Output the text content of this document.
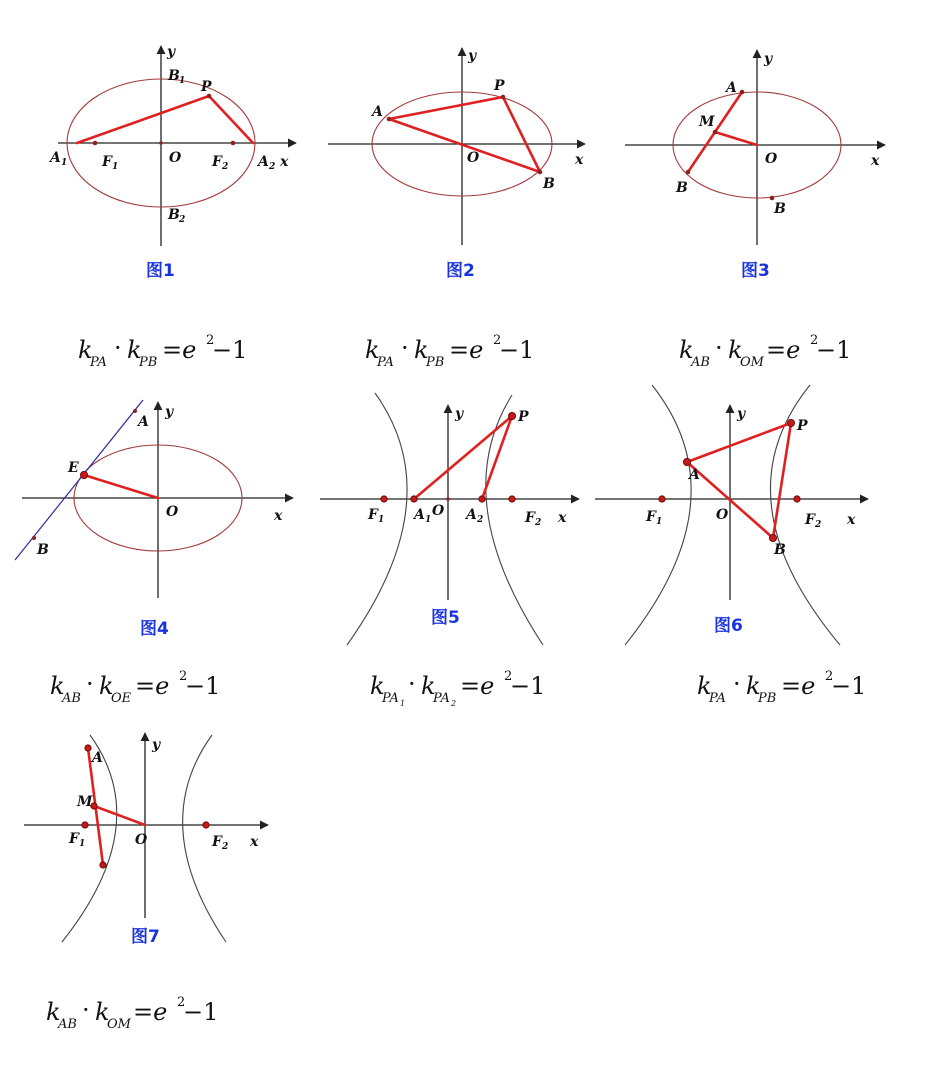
y
B 1 P
A 1 F 1
O F 2 A 2 x
B 2
图1
y
A
P
O
B
x
图2
y
A
M
O	x
B
B
图3
k
PA
· k
PB =e 2
−1	k
PA
· k
PB =e 2
−1	k
AB
· k
OM =e 2
−1
y
A
E
O	x
B
图4
y	P
F 1 A 1
O A 2	F 2 x
图5
y
P
A
F 1	O	F 2 x
B
图6
k
AB
· k
OE =e 2
−1	k
PA 1
· k
PA 2
=e 2
−1	k
PA
· k
PB =e 2
−1
y
A
M
F 1	O	F 2 x
图7
k
AB
· k
OM =e 2
−1
